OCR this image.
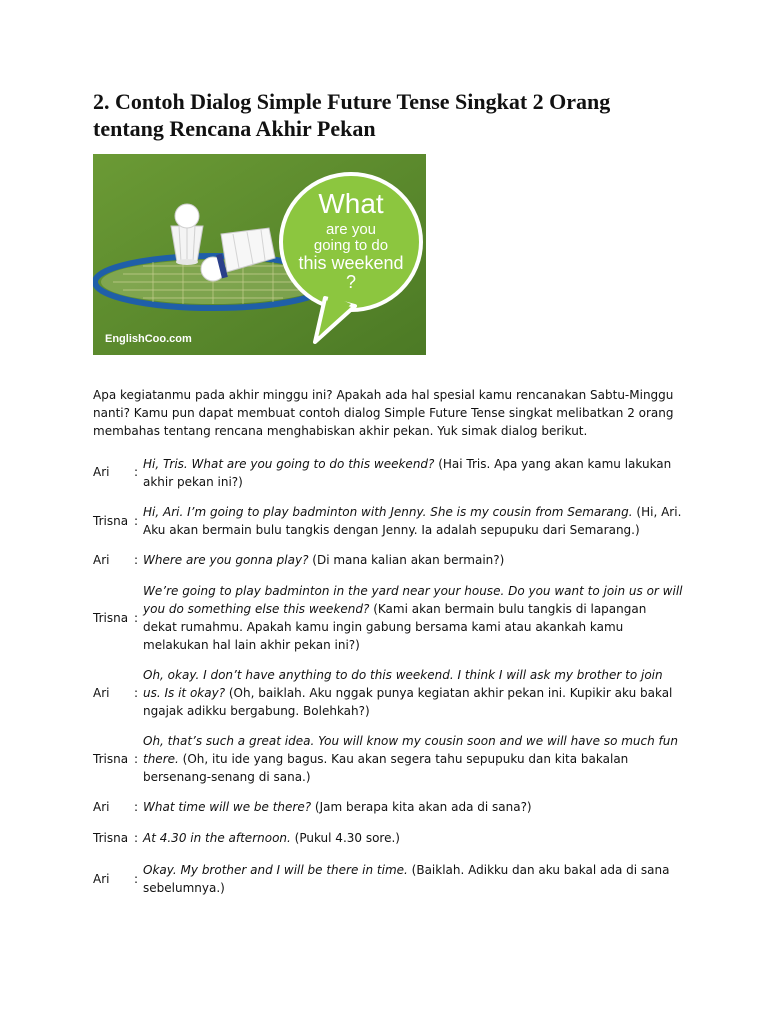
2. Contoh Dialog Simple Future Tense Singkat 2 Orang tentang Rencana Akhir Pekan
What
are you
going to do
this weekend
?
EnglishCoo.com

Apa kegiatanmu pada akhir minggu ini? Apakah ada hal spesial kamu rencanakan Sabtu-Minggu nanti? Kamu pun dapat membuat contoh dialog Simple Future Tense singkat melibatkan 2 orang membahas tentang rencana menghabiskan akhir pekan. Yuk simak dialog berikut.

Ari	:
Hi, Tris. What are you going to do this weekend? (Hai Tris. Apa yang akan kamu lakukan akhir pekan ini?)
Trisna :
Hi, Ari. I’m going to play badminton with Jenny. She is my cousin from Semarang. (Hi, Ari. Aku akan bermain bulu tangkis dengan Jenny. Ia adalah sepupuku dari Semarang.)
Ari	: Where are you gonna play? (Di mana kalian akan bermain?)
Trisna :
We’re going to play badminton in the yard near your house. Do you want to join us or will you do something else this weekend? (Kami akan bermain bulu tangkis di lapangan dekat rumahmu. Apakah kamu ingin gabung bersama kami atau akankah kamu melakukan hal lain akhir pekan ini?)
Ari	:
Oh, okay. I don’t have anything to do this weekend. I think I will ask my brother to join us. Is it okay? (Oh, baiklah. Aku nggak punya kegiatan akhir pekan ini. Kupikir aku bakal ngajak adikku bergabung. Bolehkah?)
Trisna :
Oh, that’s such a great idea. You will know my cousin soon and we will have so much fun there. (Oh, itu ide yang bagus. Kau akan segera tahu sepupuku dan kita bakalan bersenang-senang di sana.)
Ari	: What time will we be there? (Jam berapa kita akan ada di sana?)
Trisna : At 4.30 in the afternoon. (Pukul 4.30 sore.)
Ari	:
Okay. My brother and I will be there in time. (Baiklah. Adikku dan aku bakal ada di sana sebelumnya.)
